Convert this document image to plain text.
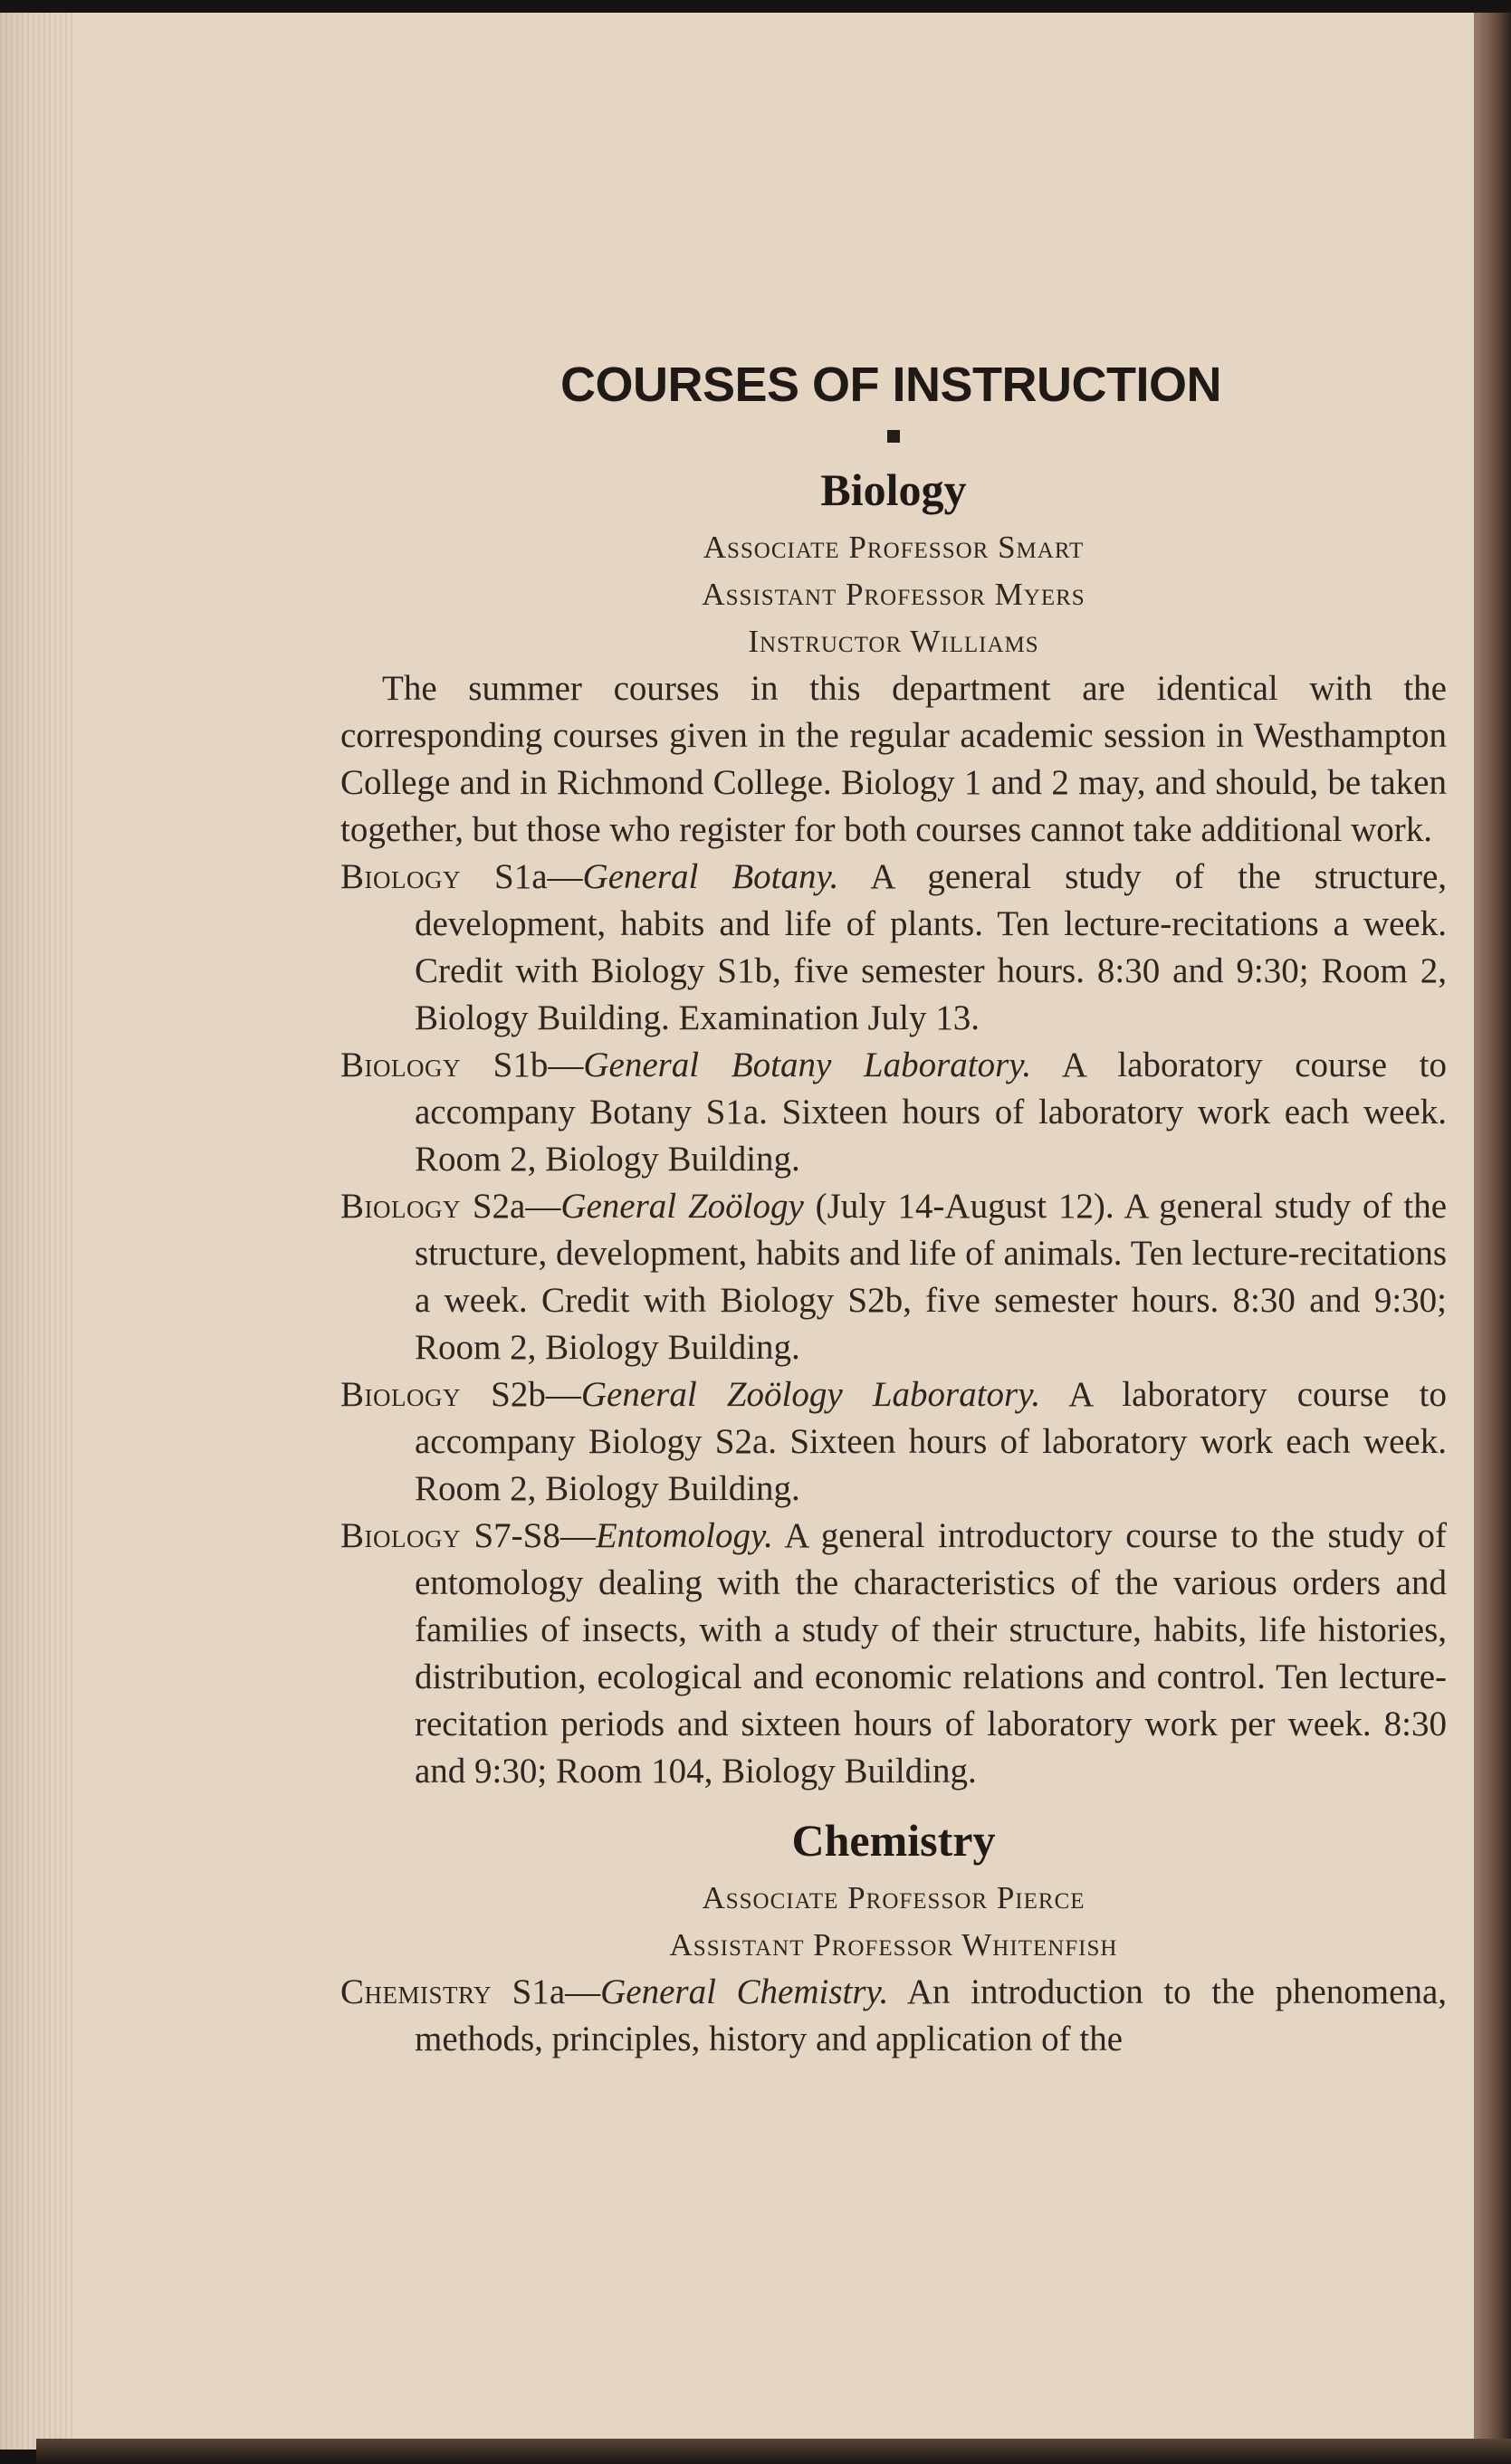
COURSES OF INSTRUCTION
Biology

Associate Professor Smart

Assistant Professor Myers

Instructor Williams

The summer courses in this department are identical with the corresponding courses given in the regular academic session in Westhampton College and in Richmond College. Biology 1 and 2 may, and should, be taken together, but those who register for both courses cannot take additional work.

Biology S1a—General Botany. A general study of the structure, development, habits and life of plants. Ten lecture-recitations a week. Credit with Biology S1b, five semester hours. 8:30 and 9:30; Room 2, Biology Building. Examination July 13.

Biology S1b—General Botany Laboratory. A laboratory course to accompany Botany S1a. Sixteen hours of laboratory work each week. Room 2, Biology Building.

Biology S2a—General Zoölogy (July 14-August 12). A general study of the structure, development, habits and life of animals. Ten lecture-recitations a week. Credit with Biology S2b, five semester hours. 8:30 and 9:30; Room 2, Biology Building.

Biology S2b—General Zoölogy Laboratory. A laboratory course to accompany Biology S2a. Sixteen hours of laboratory work each week. Room 2, Biology Building.

Biology S7-S8—Entomology. A general introductory course to the study of entomology dealing with the characteristics of the various orders and families of insects, with a study of their structure, habits, life histories, distribution, ecological and economic relations and control. Ten lecture-recitation periods and sixteen hours of laboratory work per week. 8:30 and 9:30; Room 104, Biology Building.

Chemistry

Associate Professor Pierce

Assistant Professor Whitenfish

Chemistry S1a—General Chemistry. An introduction to the phenomena, methods, principles, history and application of the
